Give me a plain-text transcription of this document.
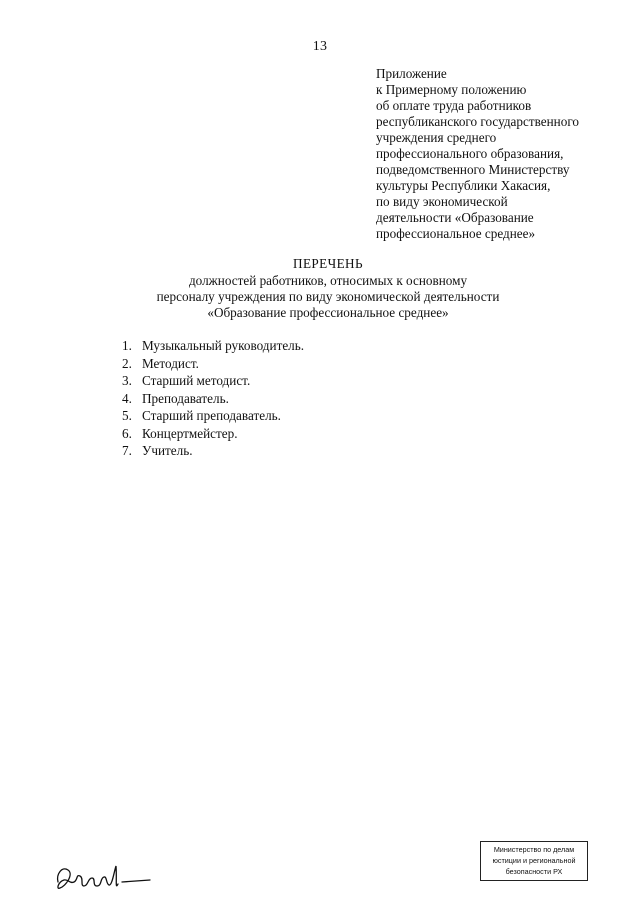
13
Приложение
к Примерному положению
об оплате труда работников
республиканского государственного
учреждения среднего
профессионального образования,
подведомственного Министерству
культуры Республики Хакасия,
по виду экономической
деятельности «Образование
профессиональное среднее»
ПЕРЕЧЕНЬ
должностей работников, относимых к основному
персоналу учреждения по виду экономической деятельности
«Образование профессиональное среднее»
1. Музыкальный руководитель.
2. Методист.
3. Старший методист.
4. Преподаватель.
5. Старший преподаватель.
6. Концертмейстер.
7. Учитель.
Министерство по делам
юстиции и региональной
безопасности РХ
